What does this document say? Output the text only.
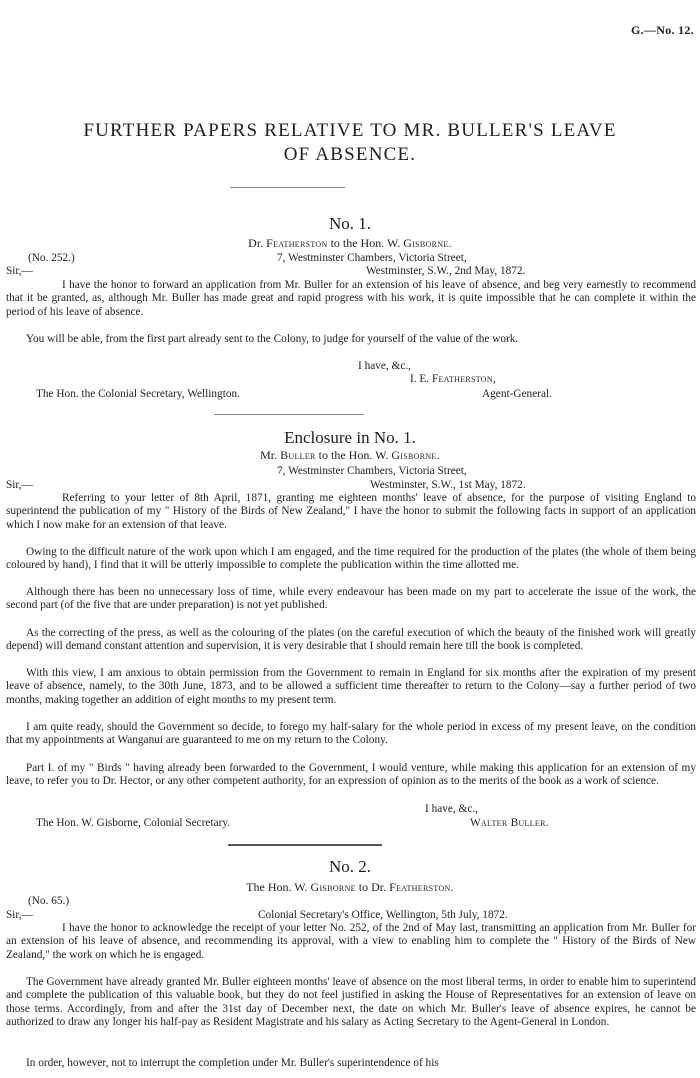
G.—No. 12.
FURTHER PAPERS RELATIVE TO MR. BULLER'S LEAVE
OF ABSENCE.
No. 1.
Dr. Featherston to the Hon. W. Gisborne.
(No. 252.)	7, Westminster Chambers, Victoria Street,
Sir,—	Westminster, S.W., 2nd May, 1872.
I have the honor to forward an application from Mr. Buller for an extension of his leave of absence, and beg very earnestly to recommend that it be granted, as, although Mr. Buller has made great and rapid progress with his work, it is quite impossible that he can complete it within the period of his leave of absence.
You will be able, from the first part already sent to the Colony, to judge for yourself of the value of the work.
I have, &c.,
I. E. Featherston,
The Hon. the Colonial Secretary, Wellington.	Agent-General.
Enclosure in No. 1.
Mr. Buller to the Hon. W. Gisborne.
7, Westminster Chambers, Victoria Street,
Sir,—	Westminster, S.W., 1st May, 1872.
Referring to your letter of 8th April, 1871, granting me eighteen months' leave of absence, for the purpose of visiting England to superintend the publication of my " History of the Birds of New Zealand," I have the honor to submit the following facts in support of an application which I now make for an extension of that leave.
Owing to the difficult nature of the work upon which I am engaged, and the time required for the production of the plates (the whole of them being coloured by hand), I find that it will be utterly impossible to complete the publication within the time allotted me.
Although there has been no unnecessary loss of time, while every endeavour has been made on my part to accelerate the issue of the work, the second part (of the five that are under preparation) is not yet published.
As the correcting of the press, as well as the colouring of the plates (on the careful execution of which the beauty of the finished work will greatly depend) will demand constant attention and supervision, it is very desirable that I should remain here till the book is completed.
With this view, I am anxious to obtain permission from the Government to remain in England for six months after the expiration of my present leave of absence, namely, to the 30th June, 1873, and to be allowed a sufficient time thereafter to return to the Colony—say a further period of two months, making together an addition of eight months to my present term.
I am quite ready, should the Government so decide, to forego my half-salary for the whole period in excess of my present leave, on the condition that my appointments at Wanganui are guaranteed to me on my return to the Colony.
Part I. of my " Birds " having already been forwarded to the Government, I would venture, while making this application for an extension of my leave, to refer you to Dr. Hector, or any other competent authority, for an expression of opinion as to the merits of the book as a work of science.
I have, &c.,
The Hon. W. Gisborne, Colonial Secretary.	Walter Buller.
No. 2.
The Hon. W. Gisborne to Dr. Featherston.
(No. 65.)
Sir,—	Colonial Secretary's Office, Wellington, 5th July, 1872.
I have the honor to acknowledge the receipt of your letter No. 252, of the 2nd of May last, transmitting an application from Mr. Buller for an extension of his leave of absence, and recommending its approval, with a view to enabling him to complete the " History of the Birds of New Zealand," the work on which he is engaged.
The Government have already granted Mr. Buller eighteen months' leave of absence on the most liberal terms, in order to enable him to superintend and complete the publication of this valuable book, but they do not feel justified in asking the House of Representatives for an extension of leave on those terms. Accordingly, from and after the 31st day of December next, the date on which Mr. Buller's leave of absence expires, he cannot be authorized to draw any longer his half-pay as Resident Magistrate and his salary as Acting Secretary to the Agent-General in London.
In order, however, not to interrupt the completion under Mr. Buller's superintendence of his
